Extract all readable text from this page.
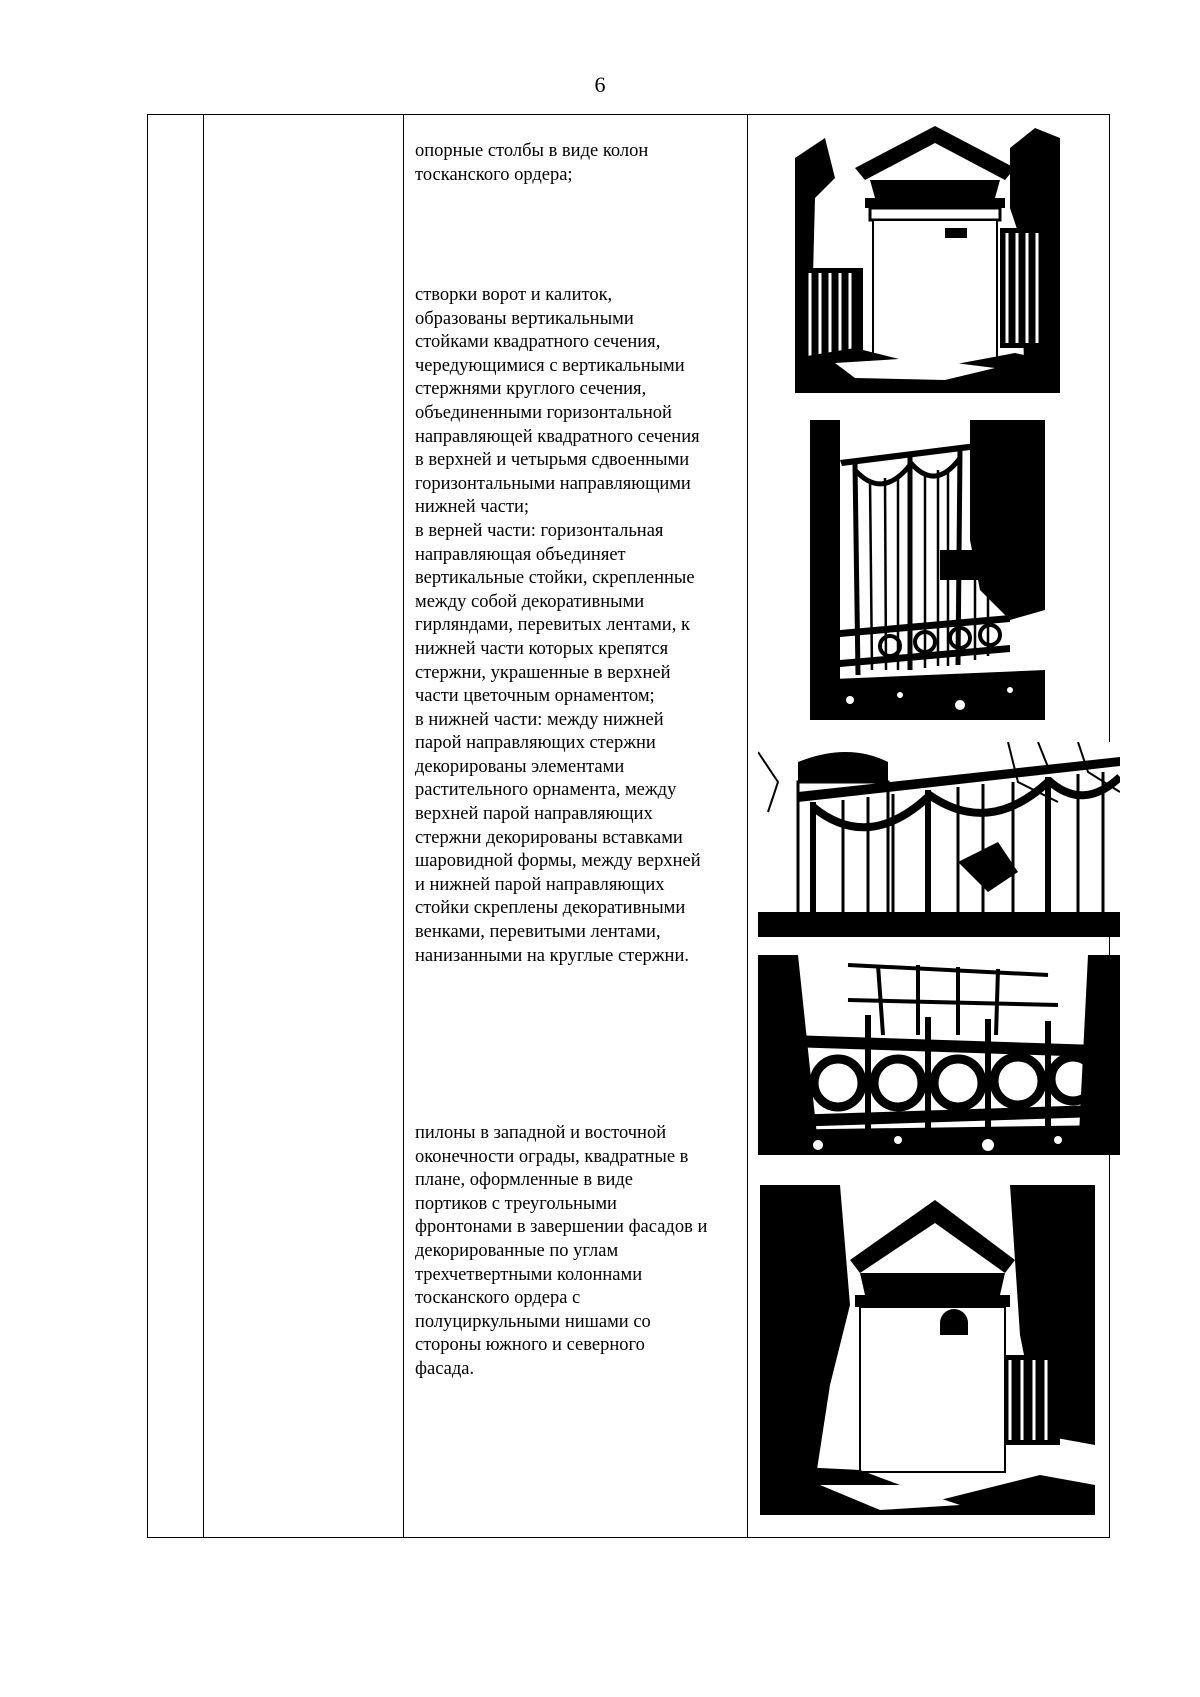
6
опорные столбы в виде колон
тосканского ордера;
створки ворот и калиток,
образованы вертикальными
стойками квадратного сечения,
чередующимися с вертикальными
стержнями круглого сечения,
объединенными горизонтальной
направляющей квадратного сечения
в верхней и четырьмя сдвоенными
горизонтальными направляющими
нижней части;
в верней части: горизонтальная
направляющая объединяет
вертикальные стойки, скрепленные
между собой декоративными
гирляндами, перевитых лентами, к
нижней части которых крепятся
стержни, украшенные в верхней
части цветочным орнаментом;
в нижней части: между нижней
парой направляющих стержни
декорированы элементами
растительного орнамента, между
верхней парой направляющих
стержни декорированы вставками
шаровидной формы, между верхней
и нижней парой направляющих
стойки скреплены декоративными
венками, перевитыми лентами,
нанизанными на круглые стержни.
пилоны в западной и восточной
оконечности ограды, квадратные в
плане, оформленные в виде
портиков с треугольными
фронтонами в завершении фасадов и
декорированные по углам
трехчетвертными колоннами
тосканского ордера с
полуциркульными нишами со
стороны южного и северного
фасада.
